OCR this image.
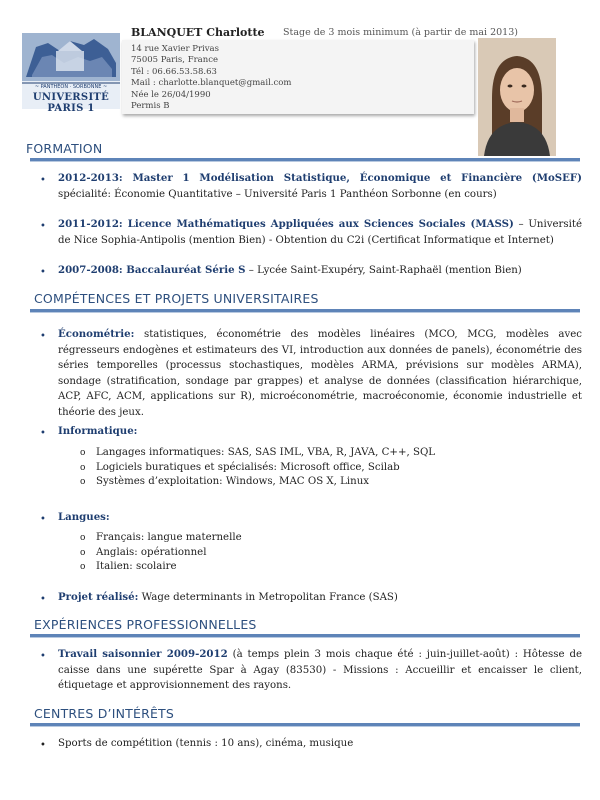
~ PANTHÉON · SORBONNE ~
UNIVERSITÉ PARIS 1
BLANQUET Charlotte Stage de 3 mois minimum (à partir de mai 2013)
14 rue Xavier Privas
75005 Paris, France
Tél : 06.66.53.58.63
Mail : charlotte.blanquet@gmail.com
Née le 26/04/1990
Permis B
FORMATION
• 2012-2013: Master 1 Modélisation Statistique, Économique et Financière (MoSEF) spécialité: Économie Quantitative – Université Paris 1 Panthéon Sorbonne (en cours)
• 2011-2012: Licence Mathématiques Appliquées aux Sciences Sociales (MASS) – Université de Nice Sophia-Antipolis (mention Bien) - Obtention du C2i (Certificat Informatique et Internet)
• 2007-2008: Baccalauréat Série S – Lycée Saint-Exupéry, Saint-Raphaël (mention Bien)
COMPÉTENCES ET PROJETS UNIVERSITAIRES
• Économétrie: statistiques, économétrie des modèles linéaires (MCO, MCG, modèles avec régresseurs endogènes et estimateurs des VI, introduction aux données de panels), économétrie des séries temporelles (processus stochastiques, modèles ARMA, prévisions sur modèles ARMA), sondage (stratification, sondage par grappes) et analyse de données (classification hiérarchique, ACP, AFC, ACM, applications sur R), microéconométrie, macroéconomie, économie industrielle et théorie des jeux.
• Informatique:
o Langages informatiques: SAS, SAS IML, VBA, R, JAVA, C++, SQL
o Logiciels buratiques et spécialisés: Microsoft office, Scilab
o Systèmes d’exploitation: Windows, MAC OS X, Linux
• Langues:
o Français: langue maternelle
o Anglais: opérationnel
o Italien: scolaire
• Projet réalisé: Wage determinants in Metropolitan France (SAS)
EXPÉRIENCES PROFESSIONNELLES
• Travail saisonnier 2009-2012 (à temps plein 3 mois chaque été : juin-juillet-août) : Hôtesse de caisse dans une supérette Spar à Agay (83530) - Missions : Accueillir et encaisser le client, étiquetage et approvisionnement des rayons.
CENTRES D’INTÉRÊTS
• Sports de compétition (tennis : 10 ans), cinéma, musique
